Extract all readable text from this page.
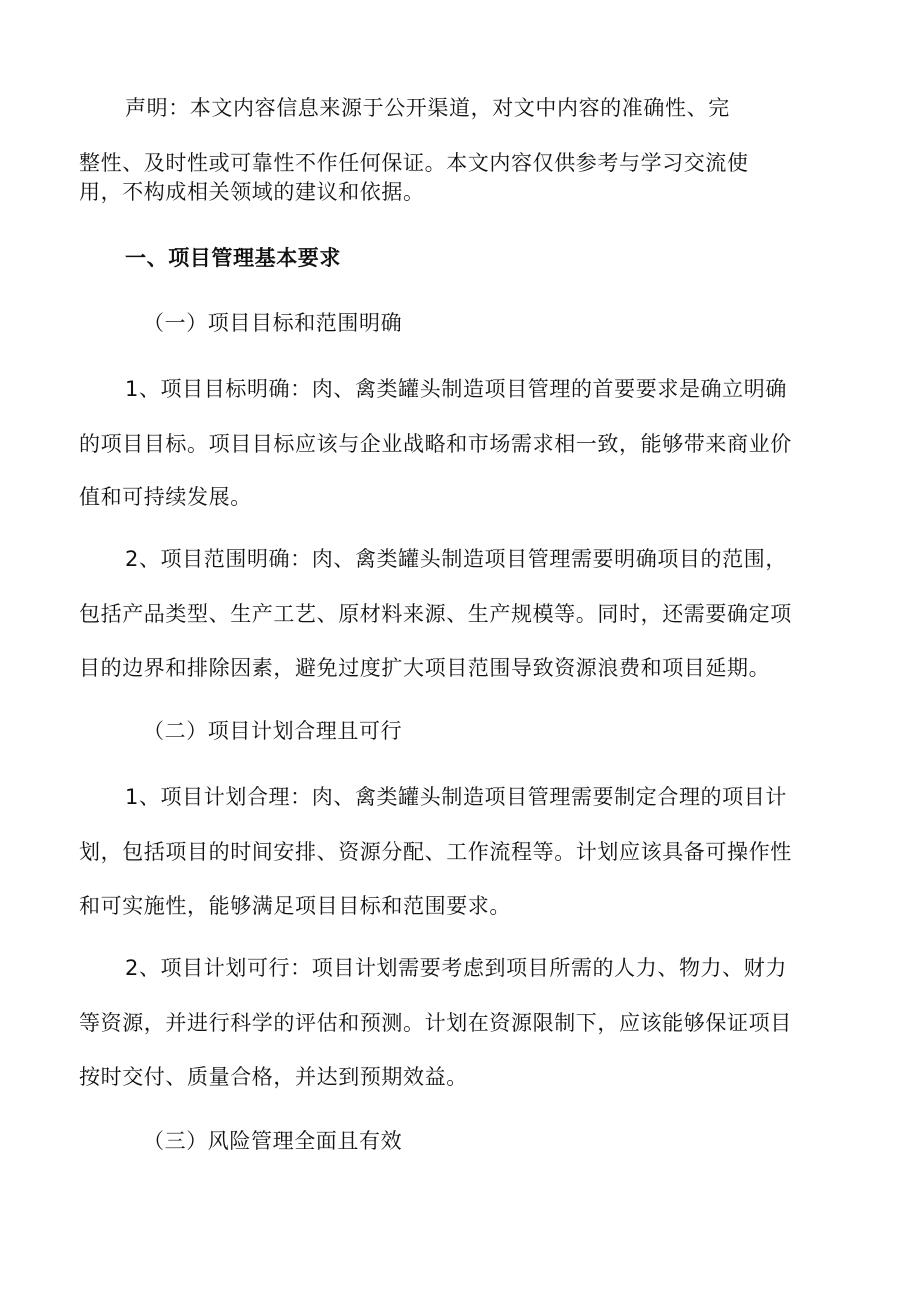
声明：本文内容信息来源于公开渠道，对文中内容的准确性、完
整性、及时性或可靠性不作任何保证。本文内容仅供参考与学习交流使
用，不构成相关领域的建议和依据。
一、项目管理基本要求
（一）项目目标和范围明确
1、项目目标明确：肉、禽类罐头制造项目管理的首要要求是确立明确
的项目目标。项目目标应该与企业战略和市场需求相一致，能够带来商业价
值和可持续发展。
2、项目范围明确：肉、禽类罐头制造项目管理需要明确项目的范围，
包括产品类型、生产工艺、原材料来源、生产规模等。同时，还需要确定项
目的边界和排除因素，避免过度扩大项目范围导致资源浪费和项目延期。
（二）项目计划合理且可行
1、项目计划合理：肉、禽类罐头制造项目管理需要制定合理的项目计
划，包括项目的时间安排、资源分配、工作流程等。计划应该具备可操作性
和可实施性，能够满足项目目标和范围要求。
2、项目计划可行：项目计划需要考虑到项目所需的人力、物力、财力
等资源，并进行科学的评估和预测。计划在资源限制下，应该能够保证项目
按时交付、质量合格，并达到预期效益。
（三）风险管理全面且有效
